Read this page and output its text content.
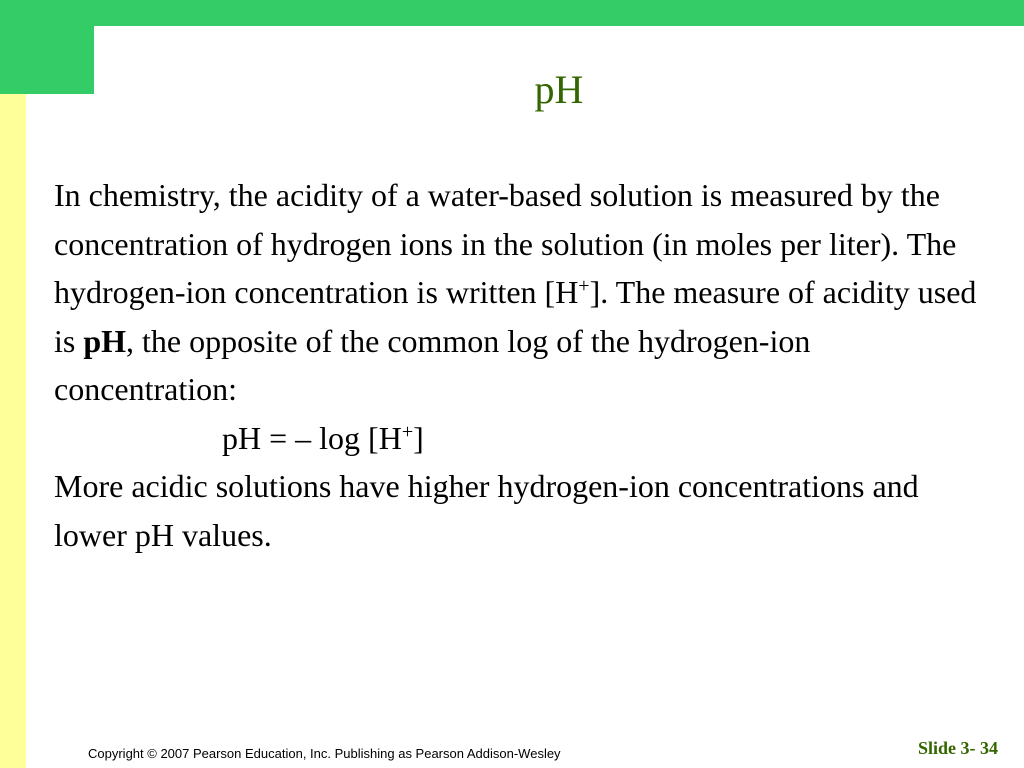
pH

In chemistry, the acidity of a water-based solution is measured by the concentration of hydrogen ions in the solution (in moles per liter). The hydrogen-ion concentration is written [H+]. The measure of acidity used is pH, the opposite of the common log of the hydrogen-ion concentration:

pH = – log [H+]

More acidic solutions have higher hydrogen-ion concentrations and lower pH values.

Copyright © 2007 Pearson Education, Inc. Publishing as Pearson Addison-Wesley	Slide 3- 34
